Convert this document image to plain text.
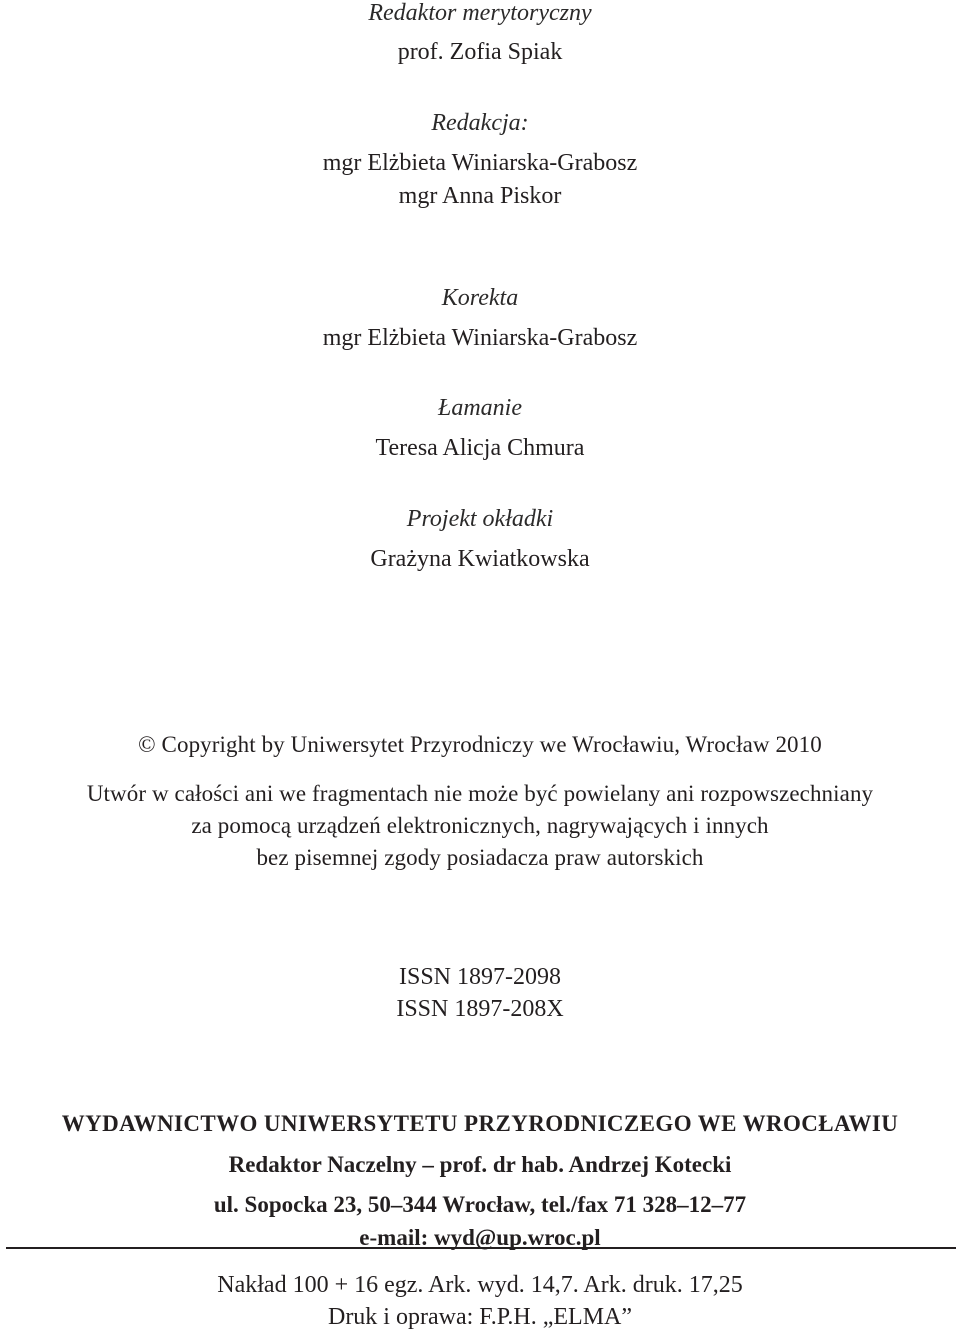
Redaktor merytoryczny
prof. Zofia Spiak
Redakcja:
mgr Elżbieta Winiarska-Grabosz
mgr Anna Piskor
Korekta
mgr Elżbieta Winiarska-Grabosz
Łamanie
Teresa Alicja Chmura
Projekt okładki
Grażyna Kwiatkowska
© Copyright by Uniwersytet Przyrodniczy we Wrocławiu, Wrocław 2010
Utwór w całości ani we fragmentach nie może być powielany ani rozpowszechniany
za pomocą urządzeń elektronicznych, nagrywających i innych
bez pisemnej zgody posiadacza praw autorskich
ISSN 1897-2098
ISSN 1897-208X
WYDAWNICTWO UNIWERSYTETU PRZYRODNICZEGO WE WROCŁAWIU
Redaktor Naczelny – prof. dr hab. Andrzej Kotecki
ul. Sopocka 23, 50–344 Wrocław, tel./fax 71 328–12–77
e-mail: wyd@up.wroc.pl
Nakład 100 + 16 egz. Ark. wyd. 14,7. Ark. druk. 17,25
Druk i oprawa: F.P.H. „ELMA”
